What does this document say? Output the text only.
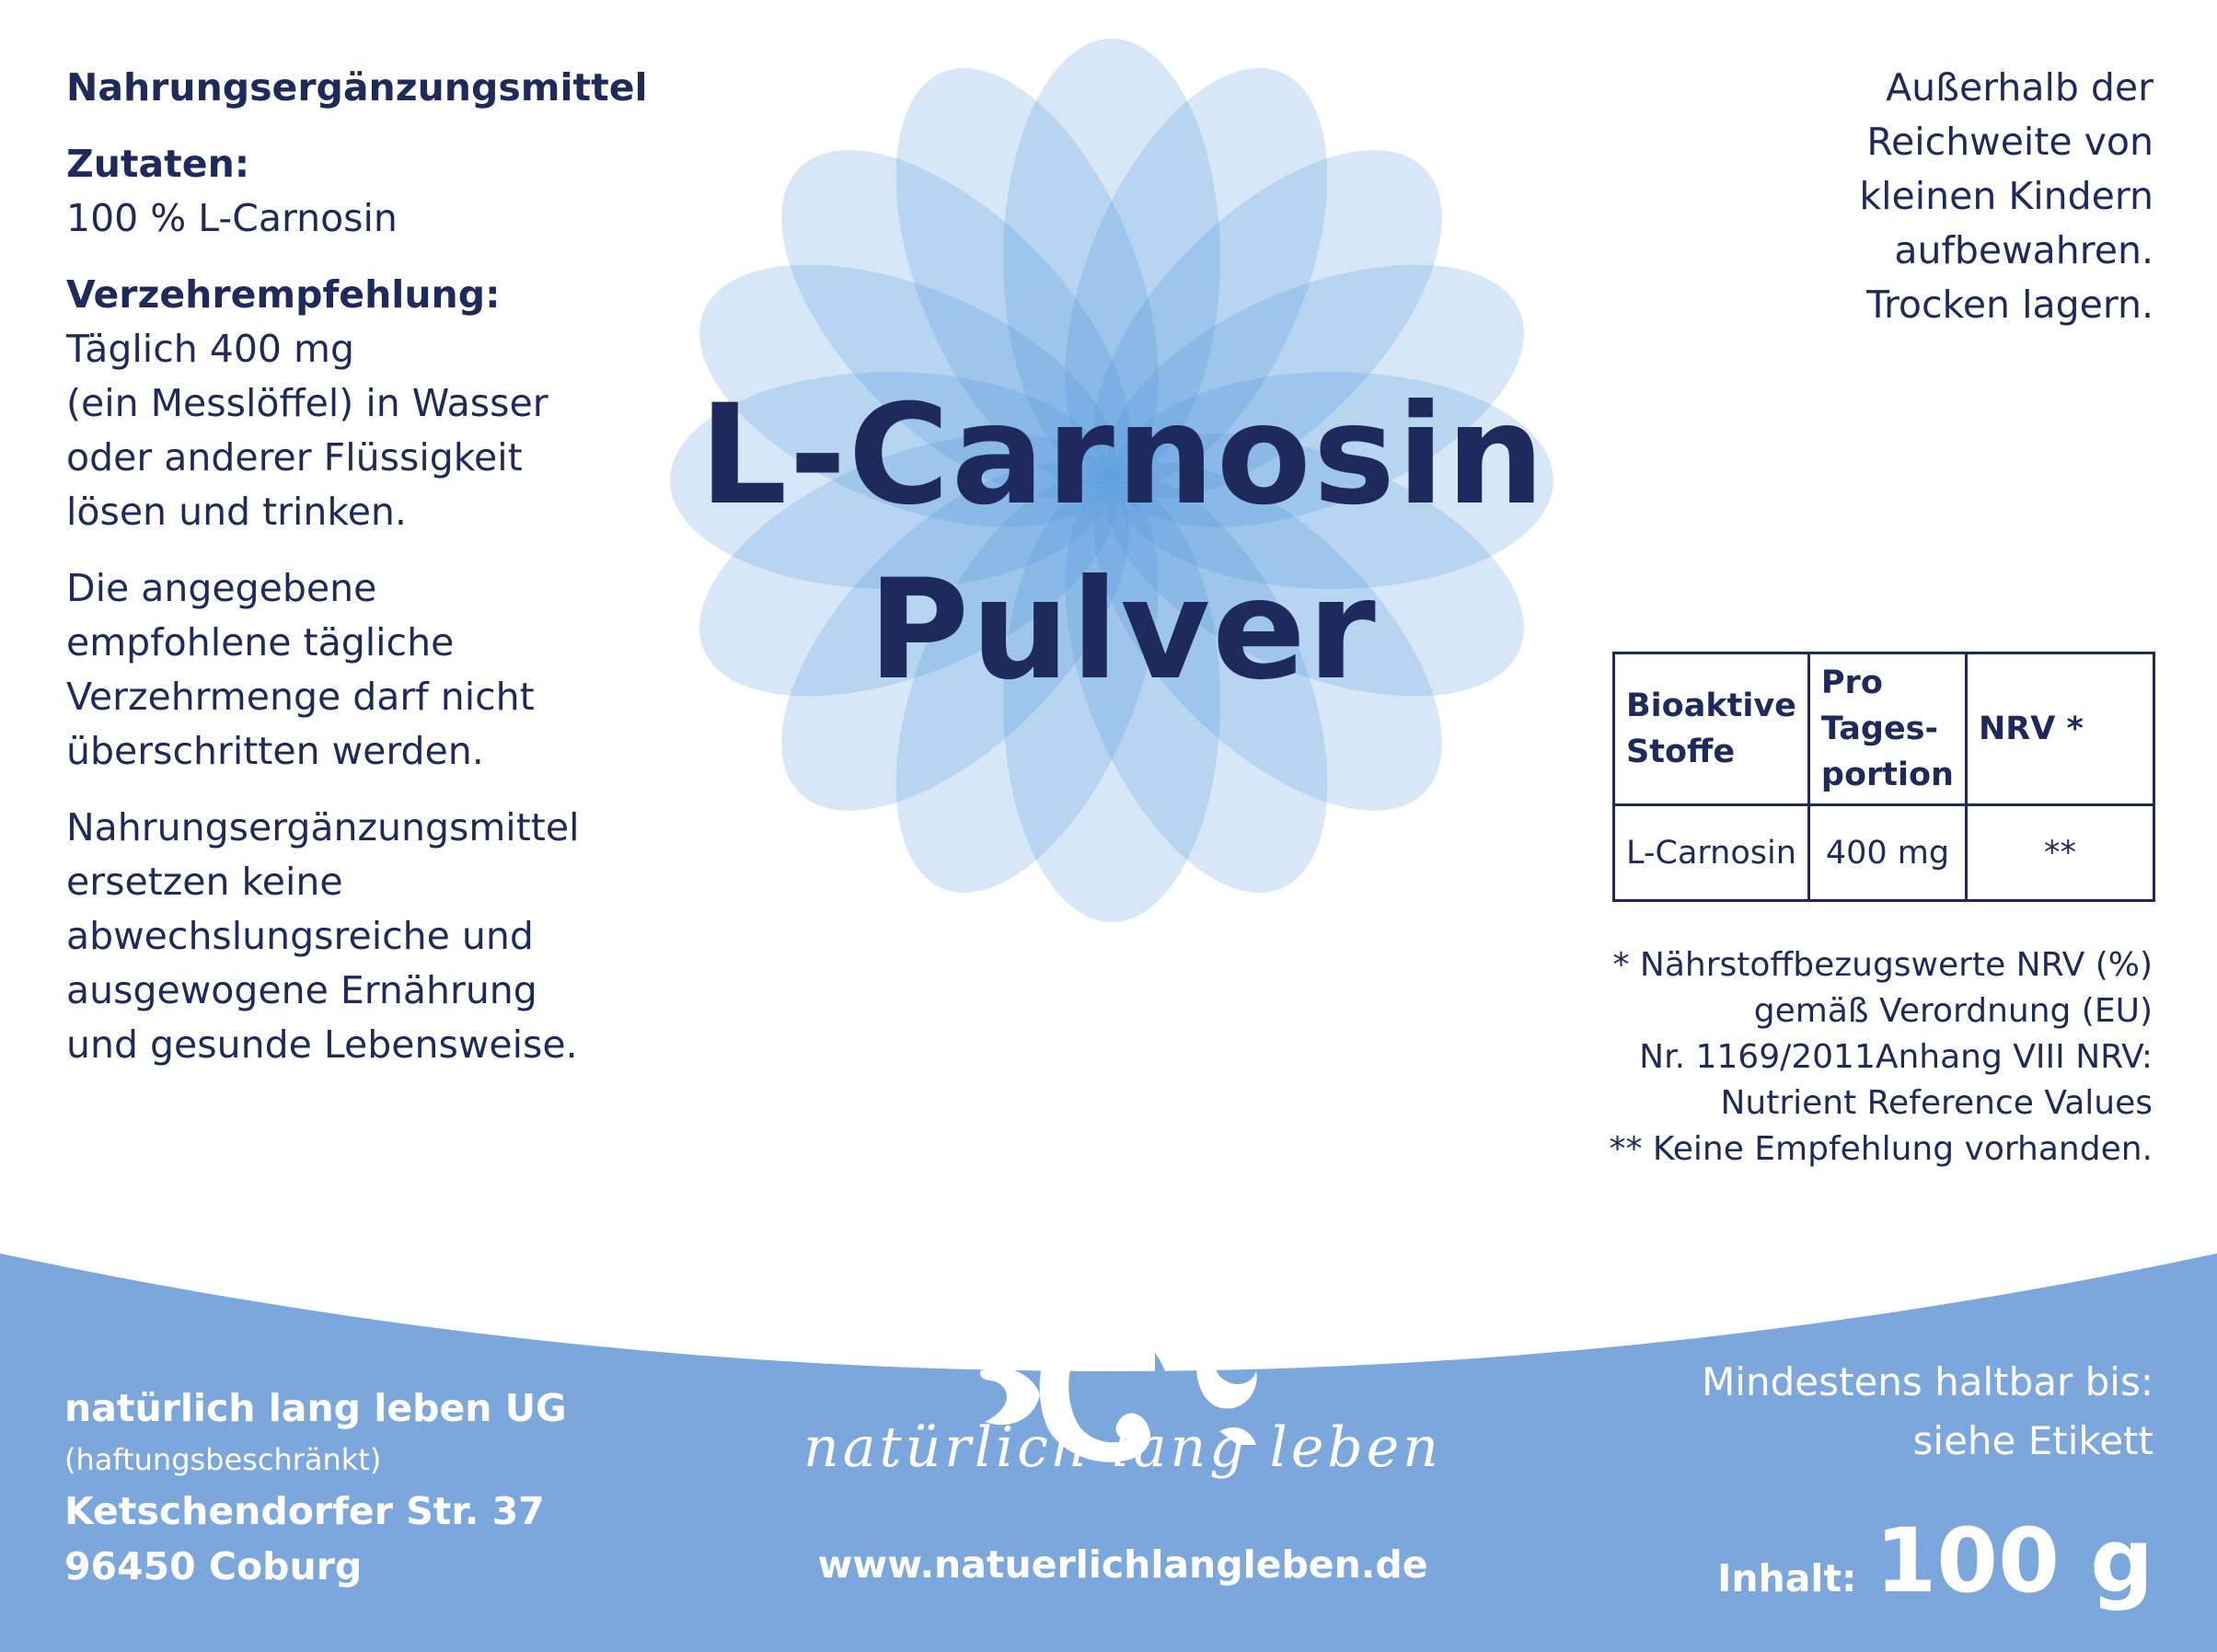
Nahrungsergänzungsmittel

Zutaten:

100 % L-Carnosin

Verzehrempfehlung:

Täglich 400 mg

(ein Messlöffel) in Wasser

oder anderer Flüssigkeit

lösen und trinken.

Die angegebene

empfohlene tägliche

Verzehrmenge darf nicht

überschritten werden.

Nahrungsergänzungsmittel

ersetzen keine

abwechslungsreiche und

ausgewogene Ernährung

und gesunde Lebensweise.

L-Carnosin
Pulver
Außerhalb der
Reichweite von
kleinen Kindern
aufbewahren.
Trocken lagern.
Bioaktive
Stoffe	Pro
Tages-
portion	NRV *
L-Carnosin	400 mg	**
* Nährstoffbezugswerte NRV (%)
gemäß Verordnung (EU)
Nr. 1169/2011Anhang VIII NRV:
Nutrient Reference Values
** Keine Empfehlung vorhanden.
natürlich lang leben UG
(haftungsbeschränkt)
Ketschendorfer Str. 37
96450 Coburg
natürlich lang leben
www.natuerlichlangleben.de
Mindestens haltbar bis:
siehe Etikett
Inhalt: 100 g
